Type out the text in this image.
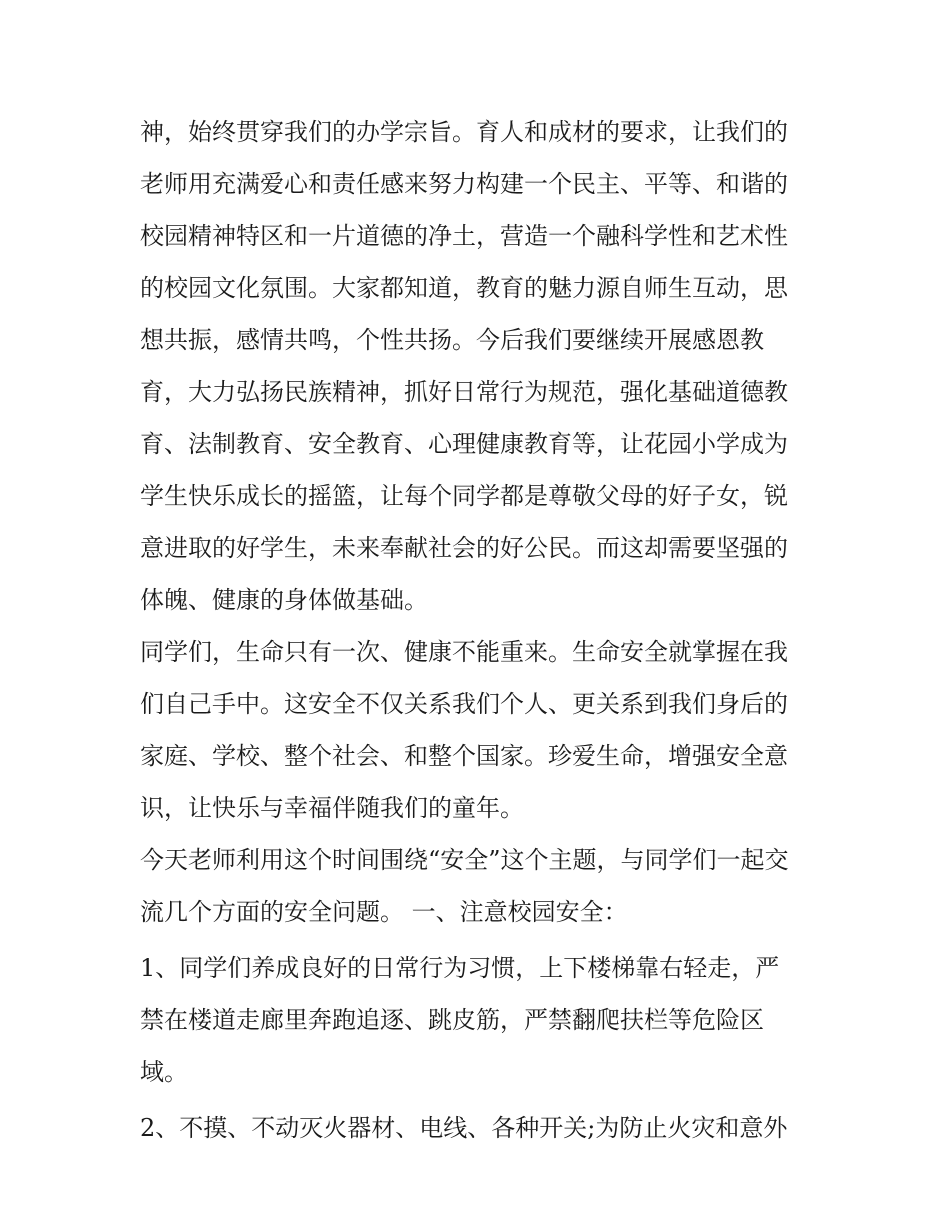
神，始终贯穿我们的办学宗旨。育人和成材的要求，让我们的
老师用充满爱心和责任感来努力构建一个民主、平等、和谐的
校园精神特区和一片道德的净土，营造一个融科学性和艺术性
的校园文化氛围。大家都知道，教育的魅力源自师生互动，思
想共振，感情共鸣，个性共扬。今后我们要继续开展感恩教
育，大力弘扬民族精神，抓好日常行为规范，强化基础道德教
育、法制教育、安全教育、心理健康教育等，让花园小学成为
学生快乐成长的摇篮，让每个同学都是尊敬父母的好子女，锐
意进取的好学生，未来奉献社会的好公民。而这却需要坚强的
体魄、健康的身体做基础。
同学们，生命只有一次、健康不能重来。生命安全就掌握在我
们自己手中。这安全不仅关系我们个人、更关系到我们身后的
家庭、学校、整个社会、和整个国家。珍爱生命，增强安全意
识，让快乐与幸福伴随我们的童年。
今天老师利用这个时间围绕“安全”这个主题，与同学们一起交
流几个方面的安全问题。 一、注意校园安全：
1、同学们养成良好的日常行为习惯，上下楼梯靠右轻走，严
禁在楼道走廊里奔跑追逐、跳皮筋，严禁翻爬扶栏等危险区
域。
2、不摸、不动灭火器材、电线、各种开关;为防止火灾和意外
